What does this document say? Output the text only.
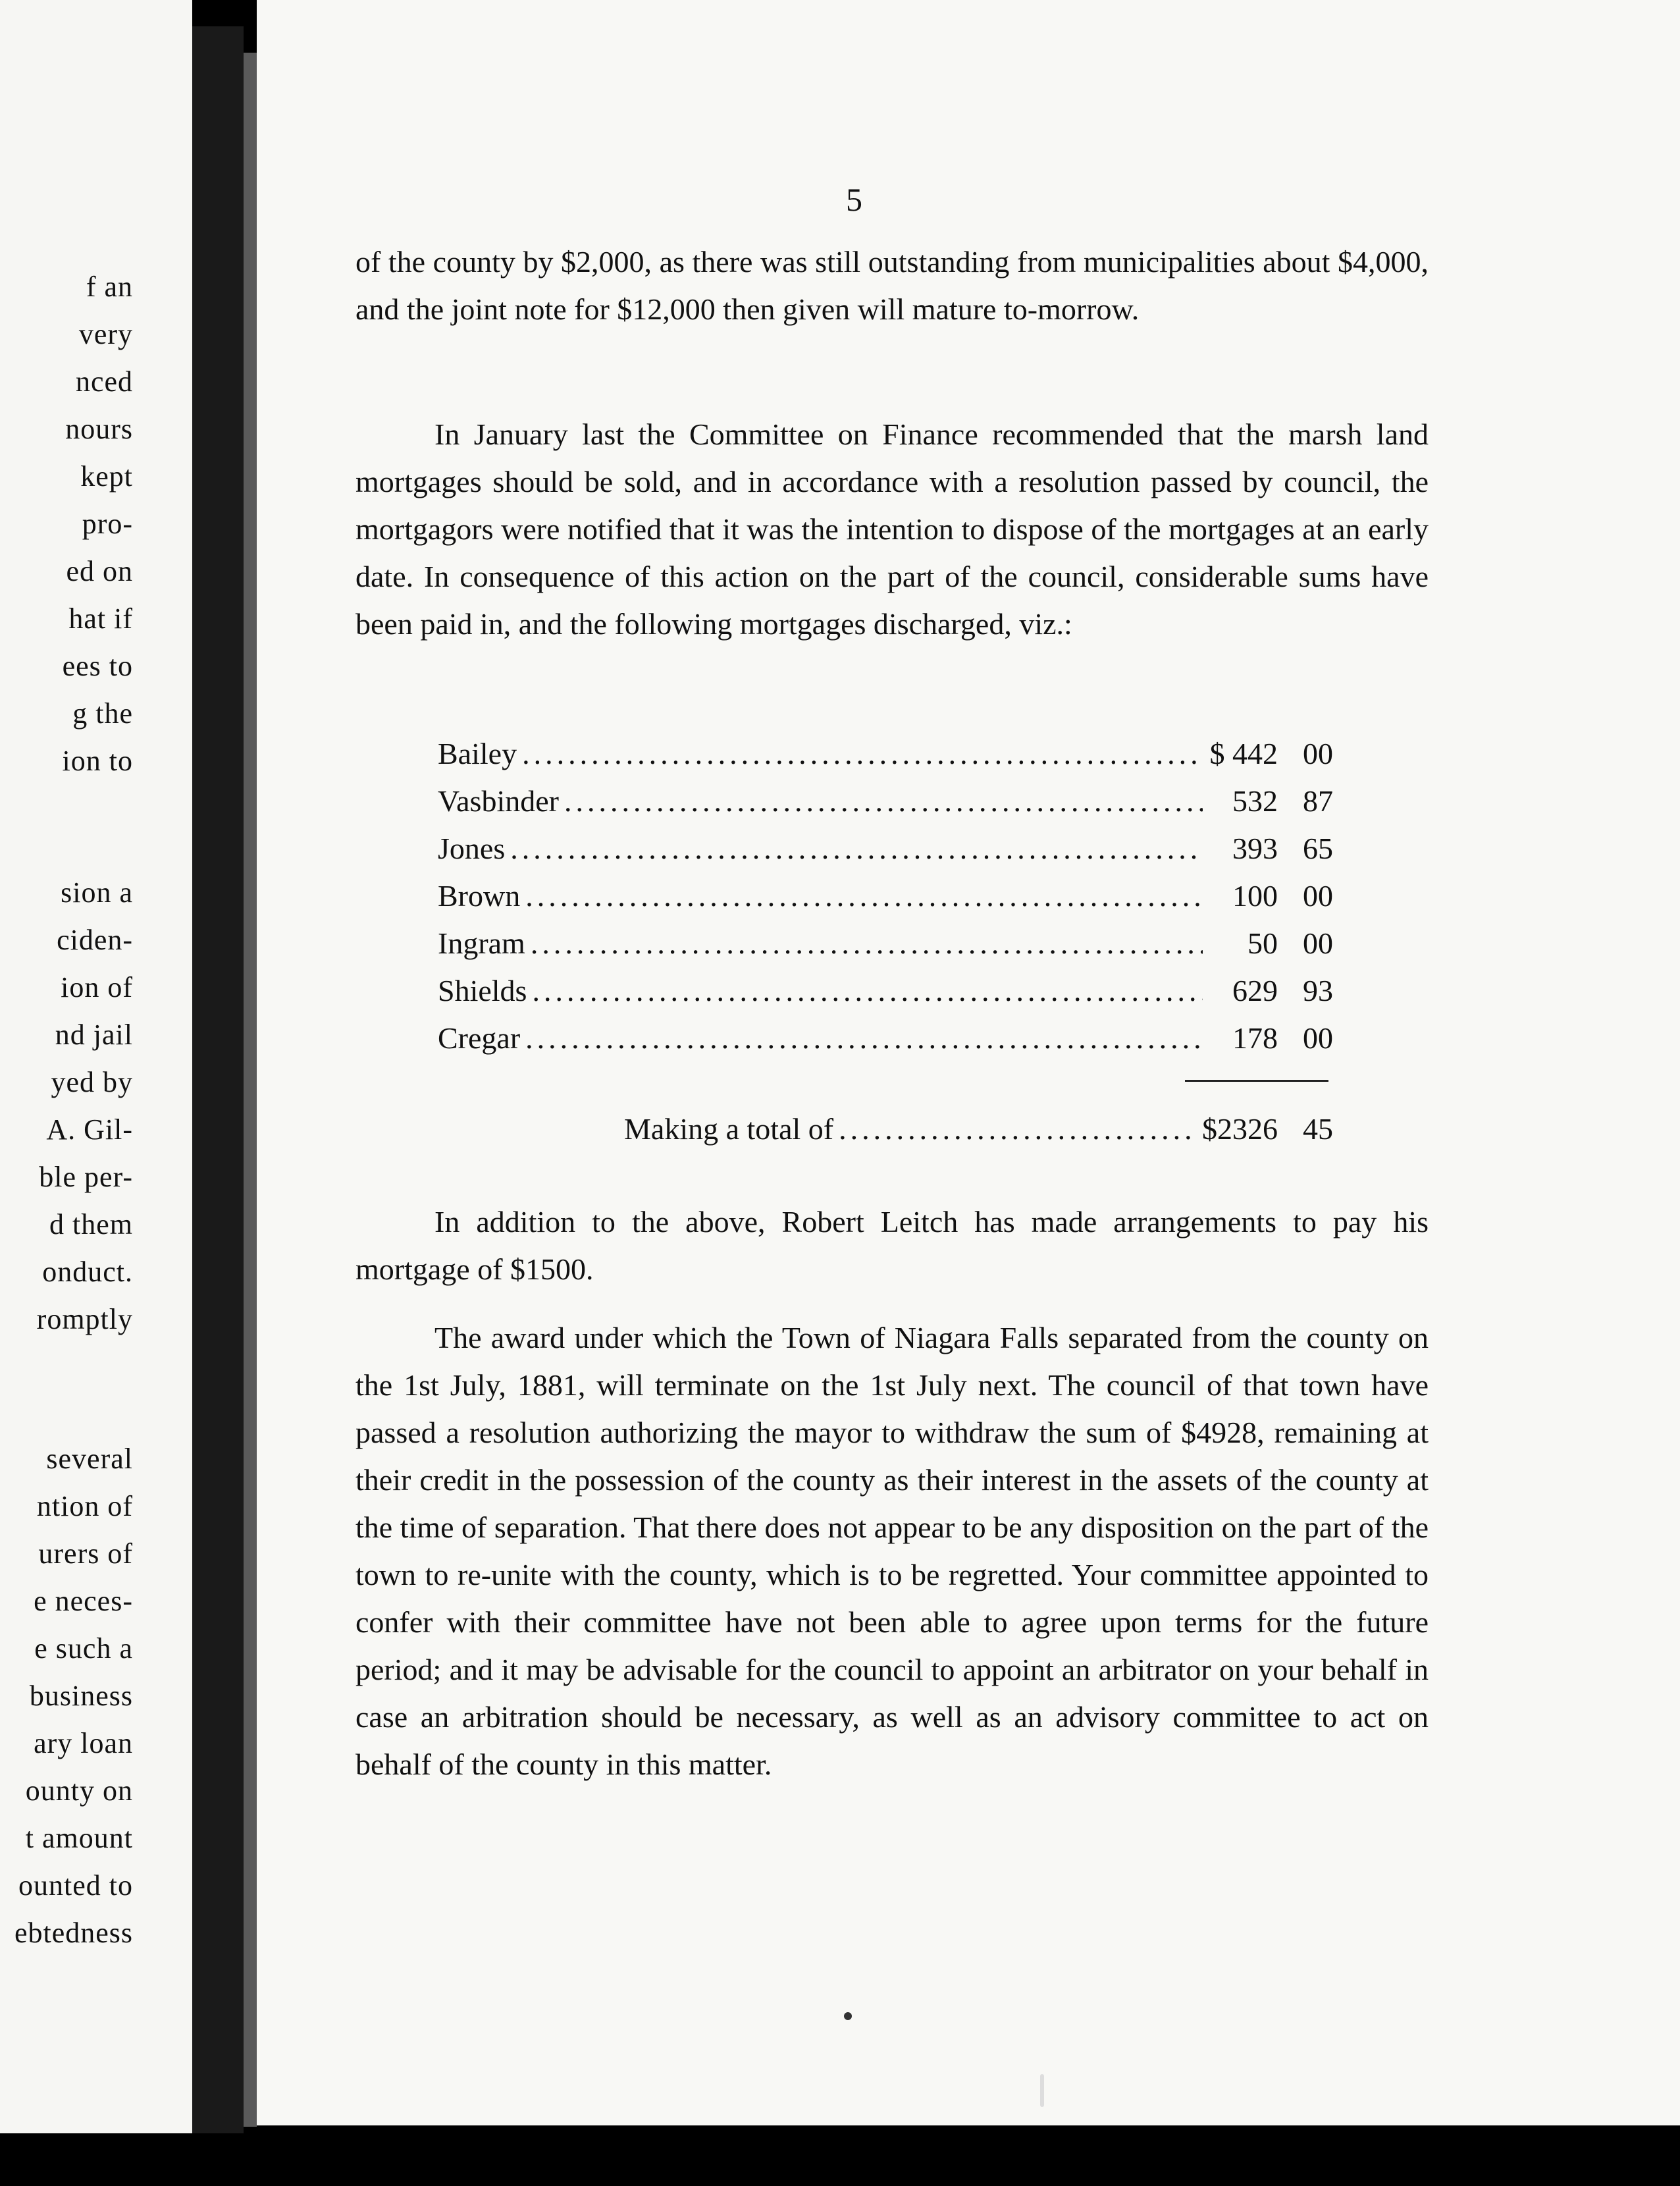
f an
very
nced
nours
kept
pro-
ed on
hat if
ees to
g the
ion to
sion a
ciden-
ion of
nd jail
yed by
A. Gil-
ble per-
d them
onduct.
romptly
several
ntion of
urers of
e neces-
e such a
business
ary loan
ounty on
t amount
ounted to
ebtedness
5
of the county by $2,000, as there was still outstanding from municipalities about $4,000, and the joint note for $12,000 then given will mature to-morrow.
In January last the Committee on Finance recommended that the marsh land mortgages should be sold, and in accordance with a resolution passed by council, the mortgagors were notified that it was the intention to dispose of the mortgages at an early date. In consequence of this action on the part of the council, considerable sums have been paid in, and the following mortgages discharged, viz.:
Bailey .....	$ 442 00
Vasbinder .....	532 87
Jones .....	393 65
Brown .....	100 00
Ingram .....	50 00
Shields .....	629 93
Cregar .....	178 00
Making a total of .....	$2326 45
In addition to the above, Robert Leitch has made arrangements to pay his mortgage of $1500.
The award under which the Town of Niagara Falls separated from the county on the 1st July, 1881, will terminate on the 1st July next. The council of that town have passed a resolution authorizing the mayor to withdraw the sum of $4928, remaining at their credit in the possession of the county as their interest in the assets of the county at the time of separation. That there does not appear to be any disposition on the part of the town to re-unite with the county, which is to be regretted. Your committee appointed to confer with their committee have not been able to agree upon terms for the future period; and it may be advisable for the council to appoint an arbitrator on your behalf in case an arbitration should be necessary, as well as an advisory committee to act on behalf of the county in this matter.
